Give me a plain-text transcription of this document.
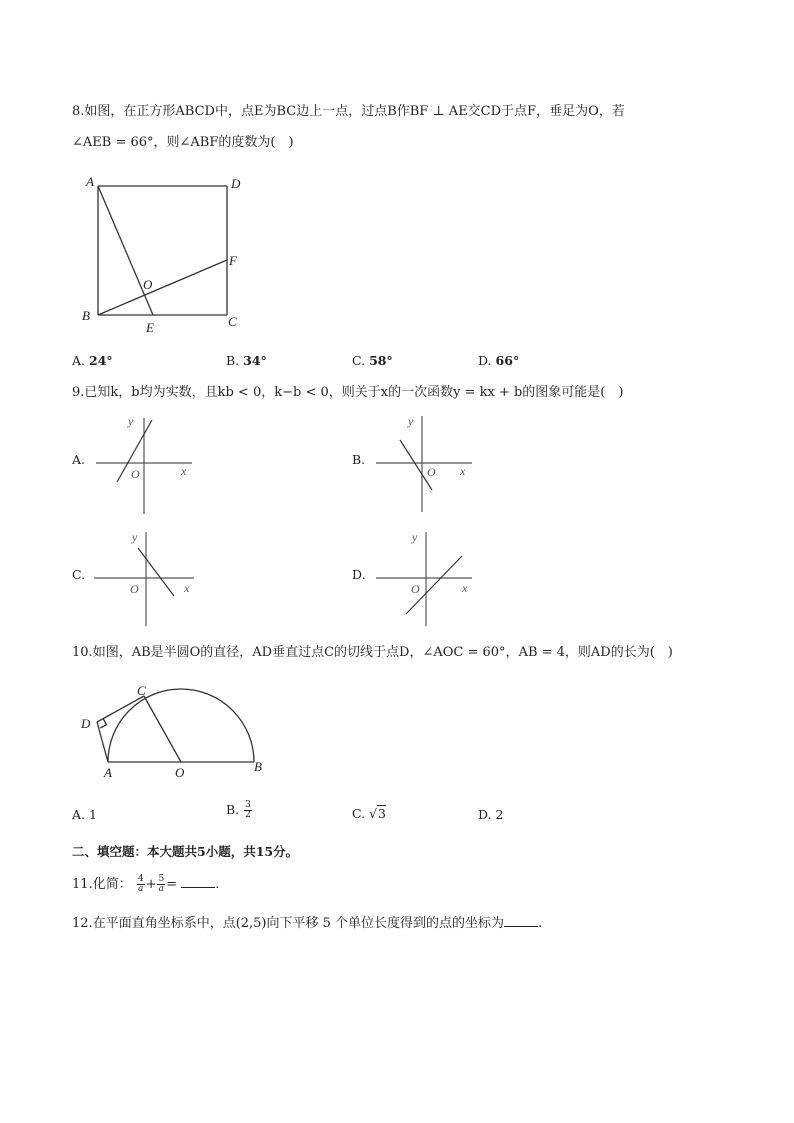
8.如图，在正方形ABCD中，点E为BC边上一点，过点B作BF ⊥ AE交CD于点F，垂足为O，若
∠AEB = 66°，则∠ABF的度数为(　)
A	D
B	C
E
F
O
A. 24°	B. 34°	C. 58°	D. 66°
9.已知k，b均为实数，且kb < 0，k−b < 0，则关于x的一次函数y = kx + b的图象可能是(　)
A.
y
x
O
B.
y
x
O
C.
y
x
O
D.
y
x
O
10.如图，AB是半圆O的直径，AD垂直过点C的切线于点D，∠AOC = 60°，AB = 4，则AD的长为(　)
C
D
A	O	B
A. 1	B. $\frac{3}{2}$	C. √3	D. 2
二、填空题：本大题共5小题，共15分。
11.化简： $\frac{4}{a} + \frac{5}{a}$ =	.
12.在平面直角坐标系中，点(2,5)向下平移 5 个单位长度得到的点的坐标为	.
